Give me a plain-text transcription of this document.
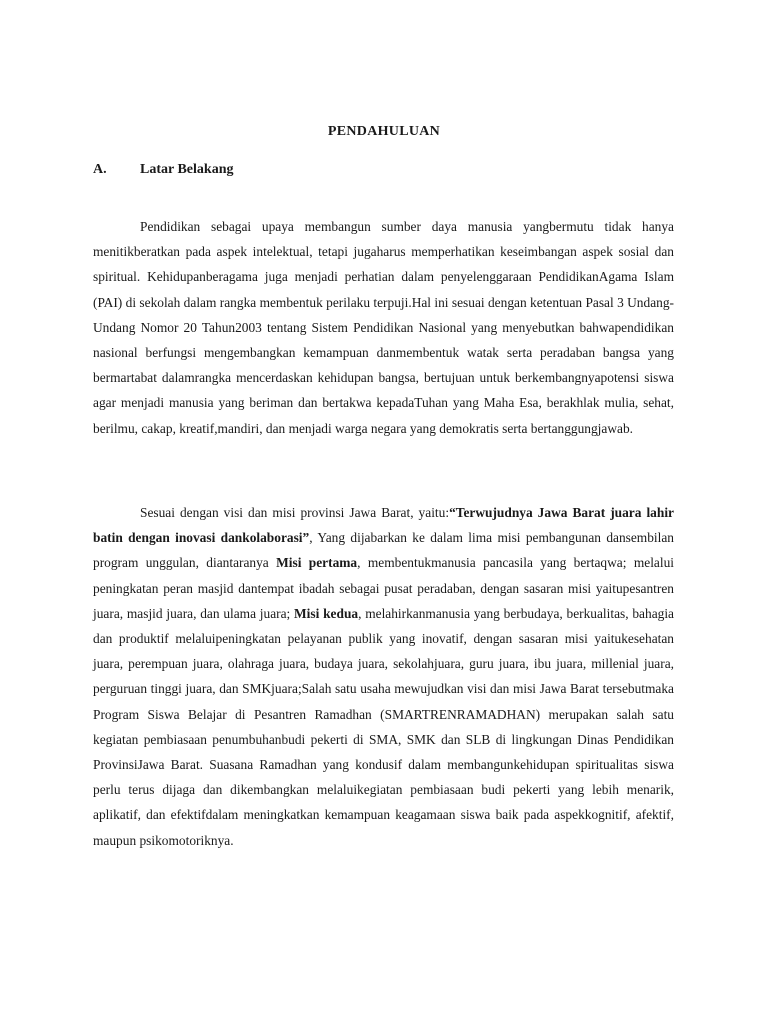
PENDAHULUAN
A. Latar Belakang

Pendidikan sebagai upaya membangun sumber daya manusia yangbermutu tidak hanya menitikberatkan pada aspek intelektual, tetapi jugaharus memperhatikan keseimbangan aspek sosial dan spiritual. Kehidupanberagama juga menjadi perhatian dalam penyelenggaraan PendidikanAgama Islam (PAI) di sekolah dalam rangka membentuk perilaku terpuji.Hal ini sesuai dengan ketentuan Pasal 3 Undang-Undang Nomor 20 Tahun2003 tentang Sistem Pendidikan Nasional yang menyebutkan bahwapendidikan nasional berfungsi mengembangkan kemampuan danmembentuk watak serta peradaban bangsa yang bermartabat dalamrangka mencerdaskan kehidupan bangsa, bertujuan untuk berkembangnyapotensi siswa agar menjadi manusia yang beriman dan bertakwa kepadaTuhan yang Maha Esa, berakhlak mulia, sehat, berilmu, cakap, kreatif,mandiri, dan menjadi warga negara yang demokratis serta bertanggungjawab.

Sesuai dengan visi dan misi provinsi Jawa Barat, yaitu:“Terwujudnya Jawa Barat juara lahir batin dengan inovasi dankolaborasi”, Yang dijabarkan ke dalam lima misi pembangunan dansembilan program unggulan, diantaranya Misi pertama, membentukmanusia pancasila yang bertaqwa; melalui peningkatan peran masjid dantempat ibadah sebagai pusat peradaban, dengan sasaran misi yaitupesantren juara, masjid juara, dan ulama juara; Misi kedua, melahirkanmanusia yang berbudaya, berkualitas, bahagia dan produktif melaluipeningkatan pelayanan publik yang inovatif, dengan sasaran misi yaitukesehatan juara, perempuan juara, olahraga juara, budaya juara, sekolahjuara, guru juara, ibu juara, millenial juara, perguruan tinggi juara, dan SMKjuara;Salah satu usaha mewujudkan visi dan misi Jawa Barat tersebutmaka Program Siswa Belajar di Pesantren Ramadhan (SMARTRENRAMADHAN) merupakan salah satu kegiatan pembiasaan penumbuhanbudi pekerti di SMA, SMK dan SLB di lingkungan Dinas Pendidikan ProvinsiJawa Barat. Suasana Ramadhan yang kondusif dalam membangunkehidupan spiritualitas siswa perlu terus dijaga dan dikembangkan melaluikegiatan pembiasaan budi pekerti yang lebih menarik, aplikatif, dan efektifdalam meningkatkan kemampuan keagamaan siswa baik pada aspekkognitif, afektif, maupun psikomotoriknya.
